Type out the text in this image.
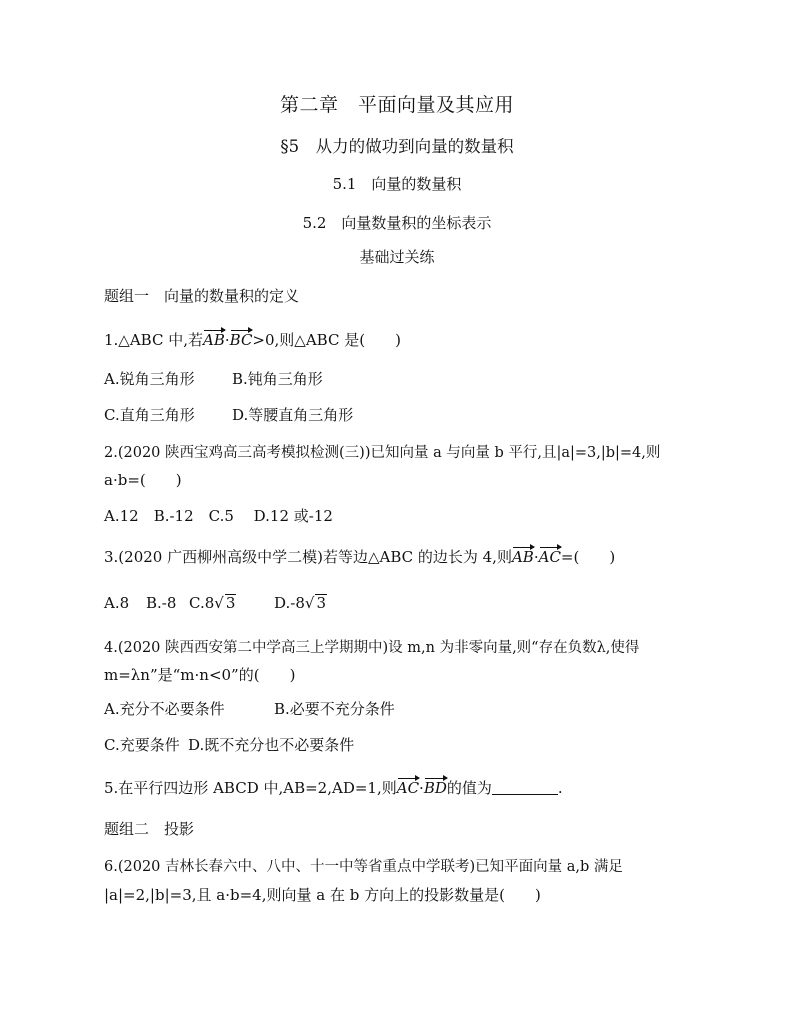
第二章　平面向量及其应用
§5　从力的做功到向量的数量积
5.1　向量的数量积
5.2　向量数量积的坐标表示
基础过关练
题组一　向量的数量积的定义
1.△ABC 中,若AB·BC>0,则△ABC 是(　　)
A.锐角三角形 B.钝角三角形
C.直角三角形 D.等腰直角三角形
2.(2020 陕西宝鸡高三高考模拟检测(三))已知向量 a 与向量 b 平行,且|a|=3,|b|=4,则
a·b=(　　)
A.12　B.-12　C.5　 D.12 或-12
3.(2020 广西柳州高级中学二模)若等边△ABC 的边长为 4,则AB·AC=(　　)
A.8 B.-8 C.8√ 3	D.-8√ 3
4.(2020 陕西西安第二中学高三上学期期中)设 m,n 为非零向量,则“存在负数λ,使得
m=λn”是“m·n<0”的(　　)
A.充分不必要条件	B.必要不充分条件
C.充要条件 D.既不充分也不必要条件
5.在平行四边形 ABCD 中,AB=2,AD=1,则AC·BD的值为	.
题组二　投影
6.(2020 吉林长春六中、八中、十一中等省重点中学联考)已知平面向量 a,b 满足
|a|=2,|b|=3,且 a·b=4,则向量 a 在 b 方向上的投影数量是(　　)
